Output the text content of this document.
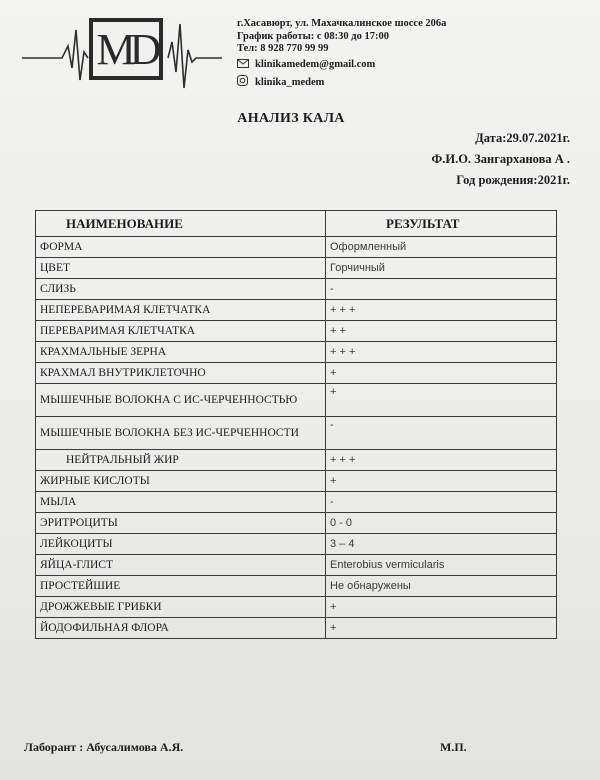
MD
г.Хасавюрт, ул. Махачкалинское шоссе 206а
График работы: с 08:30 до 17:00
Тел: 8 928 770 99 99
klinikamedem@gmail.com
klinika_medem
АНАЛИЗ КАЛА
Дата:29.07.2021г.
Ф.И.О. Зангарханова А .
Год рождения:2021г.
НАИМЕНОВАНИЕ	РЕЗУЛЬТАТ
ФОРМА	Оформленный
ЦВЕТ	Горчичный
СЛИЗЬ	-
НЕПЕРЕВАРИМАЯ КЛЕТЧАТКА	+ + +
ПЕРЕВАРИМАЯ КЛЕТЧАТКА	+ +
КРАХМАЛЬНЫЕ ЗЕРНА	+ + +
КРАХМАЛ ВНУТРИКЛЕТОЧНО	+
МЫШЕЧНЫЕ ВОЛОКНА С ИС-ЧЕРЧЕННОСТЬЮ	+
МЫШЕЧНЫЕ ВОЛОКНА БЕЗ ИС-ЧЕРЧЕННОСТИ	-
НЕЙТРАЛЬНЫЙ ЖИР	+ + +
ЖИРНЫЕ КИСЛОТЫ	+
МЫЛА	-
ЭРИТРОЦИТЫ	0 - 0
ЛЕЙКОЦИТЫ	3 – 4
ЯЙЦА-ГЛИСТ	Enterobius vermicularis
ПРОСТЕЙШИЕ	Не обнаружены
ДРОЖЖЕВЫЕ ГРИБКИ	+
ЙОДОФИЛЬНАЯ ФЛОРА	+
Лаборант : Абусалимова А.Я.	М.П.
